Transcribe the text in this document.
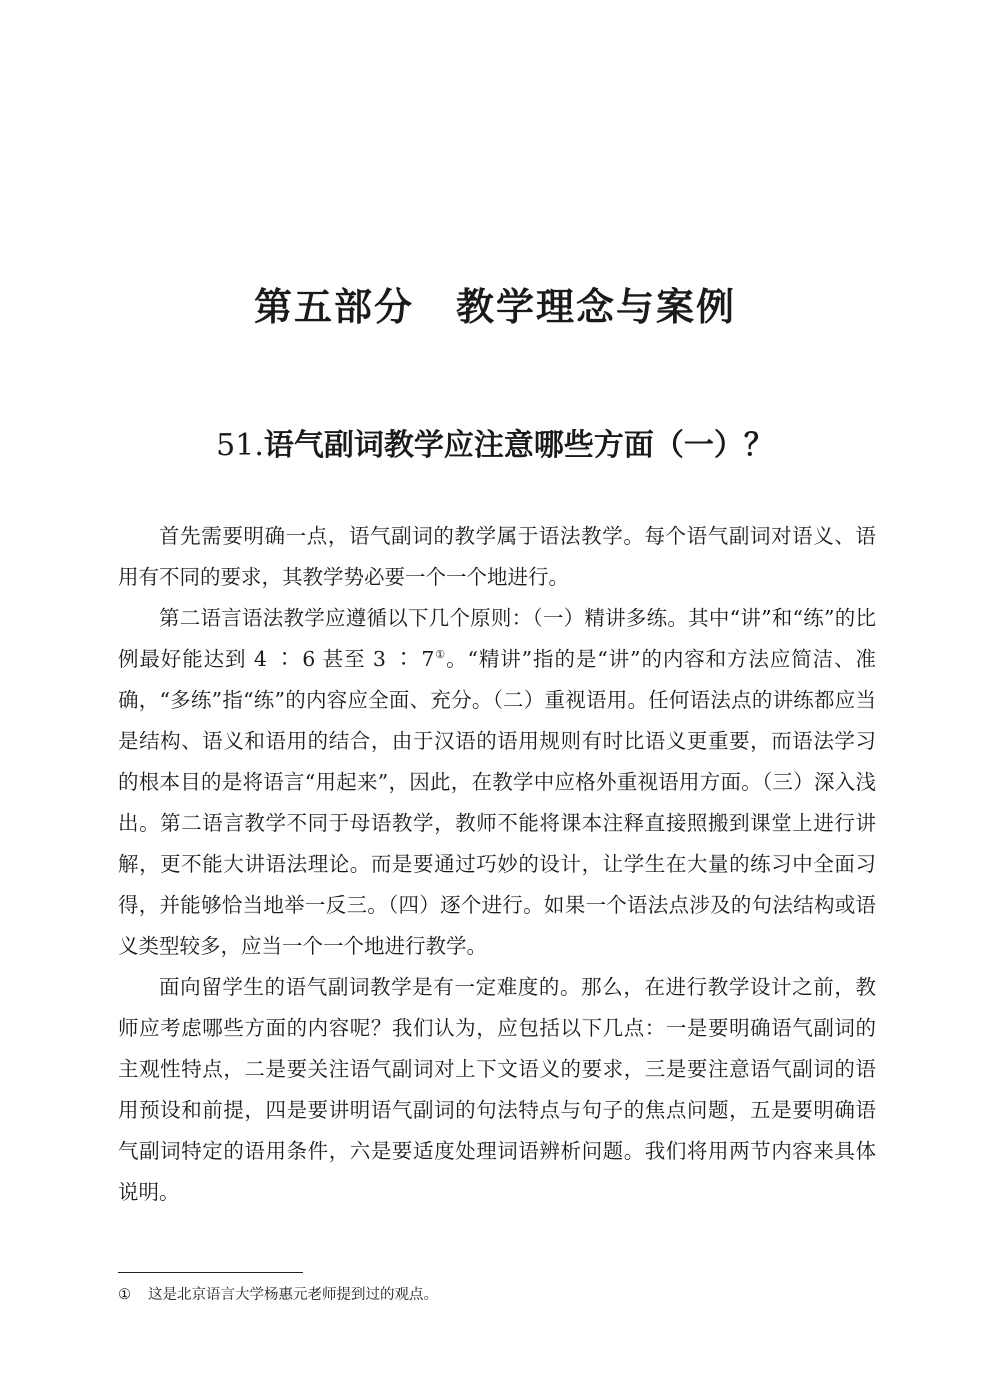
第五部分 教学理念与案例
51.语气副词教学应注意哪些方面（一）？

首先需要明确一点，语气副词的教学属于语法教学。每个语气副词对语义、语用有不同的要求，其教学势必要一个一个地进行。

第二语言语法教学应遵循以下几个原则：（一）精讲多练。其中“讲”和“练”的比例最好能达到 4 ∶ 6 甚至 3 ∶ 7①。“精讲”指的是“讲”的内容和方法应简洁、准确，“多练”指“练”的内容应全面、充分。（二）重视语用。任何语法点的讲练都应当是结构、语义和语用的结合，由于汉语的语用规则有时比语义更重要，而语法学习的根本目的是将语言“用起来”，因此，在教学中应格外重视语用方面。（三）深入浅出。第二语言教学不同于母语教学，教师不能将课本注释直接照搬到课堂上进行讲解，更不能大讲语法理论。而是要通过巧妙的设计，让学生在大量的练习中全面习得，并能够恰当地举一反三。（四）逐个进行。如果一个语法点涉及的句法结构或语义类型较多，应当一个一个地进行教学。

面向留学生的语气副词教学是有一定难度的。那么，在进行教学设计之前，教师应考虑哪些方面的内容呢？我们认为，应包括以下几点：一是要明确语气副词的主观性特点，二是要关注语气副词对上下文语义的要求，三是要注意语气副词的语用预设和前提，四是要讲明语气副词的句法特点与句子的焦点问题，五是要明确语气副词特定的语用条件，六是要适度处理词语辨析问题。我们将用两节内容来具体说明。

① 这是北京语言大学杨惠元老师提到过的观点。
